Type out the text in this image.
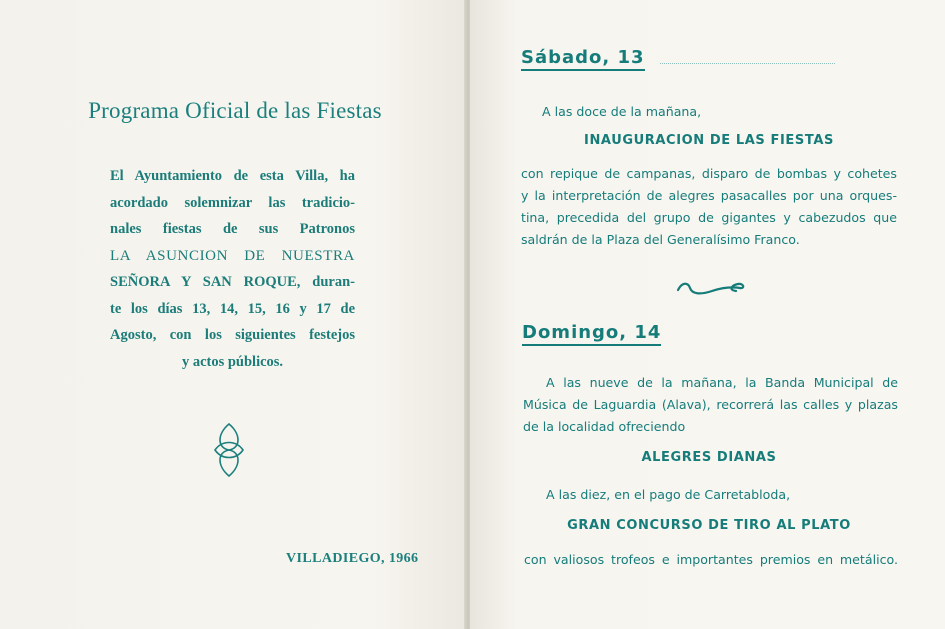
Programa Oficial de las Fiestas
El Ayuntamiento de esta Villa, ha
acordado solemnizar las tradicio-
nales fiestas de sus Patronos
LA ASUNCION DE NUESTRA
SEÑORA Y SAN ROQUE, duran-
te los días 13, 14, 15, 16 y 17 de
Agosto, con los siguientes festejos
y actos públicos.
VILLADIEGO, 1966
Sábado, 13
A las doce de la mañana,
INAUGURACION DE LAS FIESTAS
con repique de campanas, disparo de bombas y cohetes
y la interpretación de alegres pasacalles por una orques-
tina, precedida del grupo de gigantes y cabezudos que
saldrán de la Plaza del Generalísimo Franco.
Domingo, 14
A las nueve de la mañana, la Banda Municipal de
Música de Laguardia (Alava), recorrerá las calles y plazas
de la localidad ofreciendo
ALEGRES DIANAS
A las diez, en el pago de Carretabloda,
GRAN CONCURSO DE TIRO AL PLATO
con valiosos trofeos e importantes premios en metálico.
